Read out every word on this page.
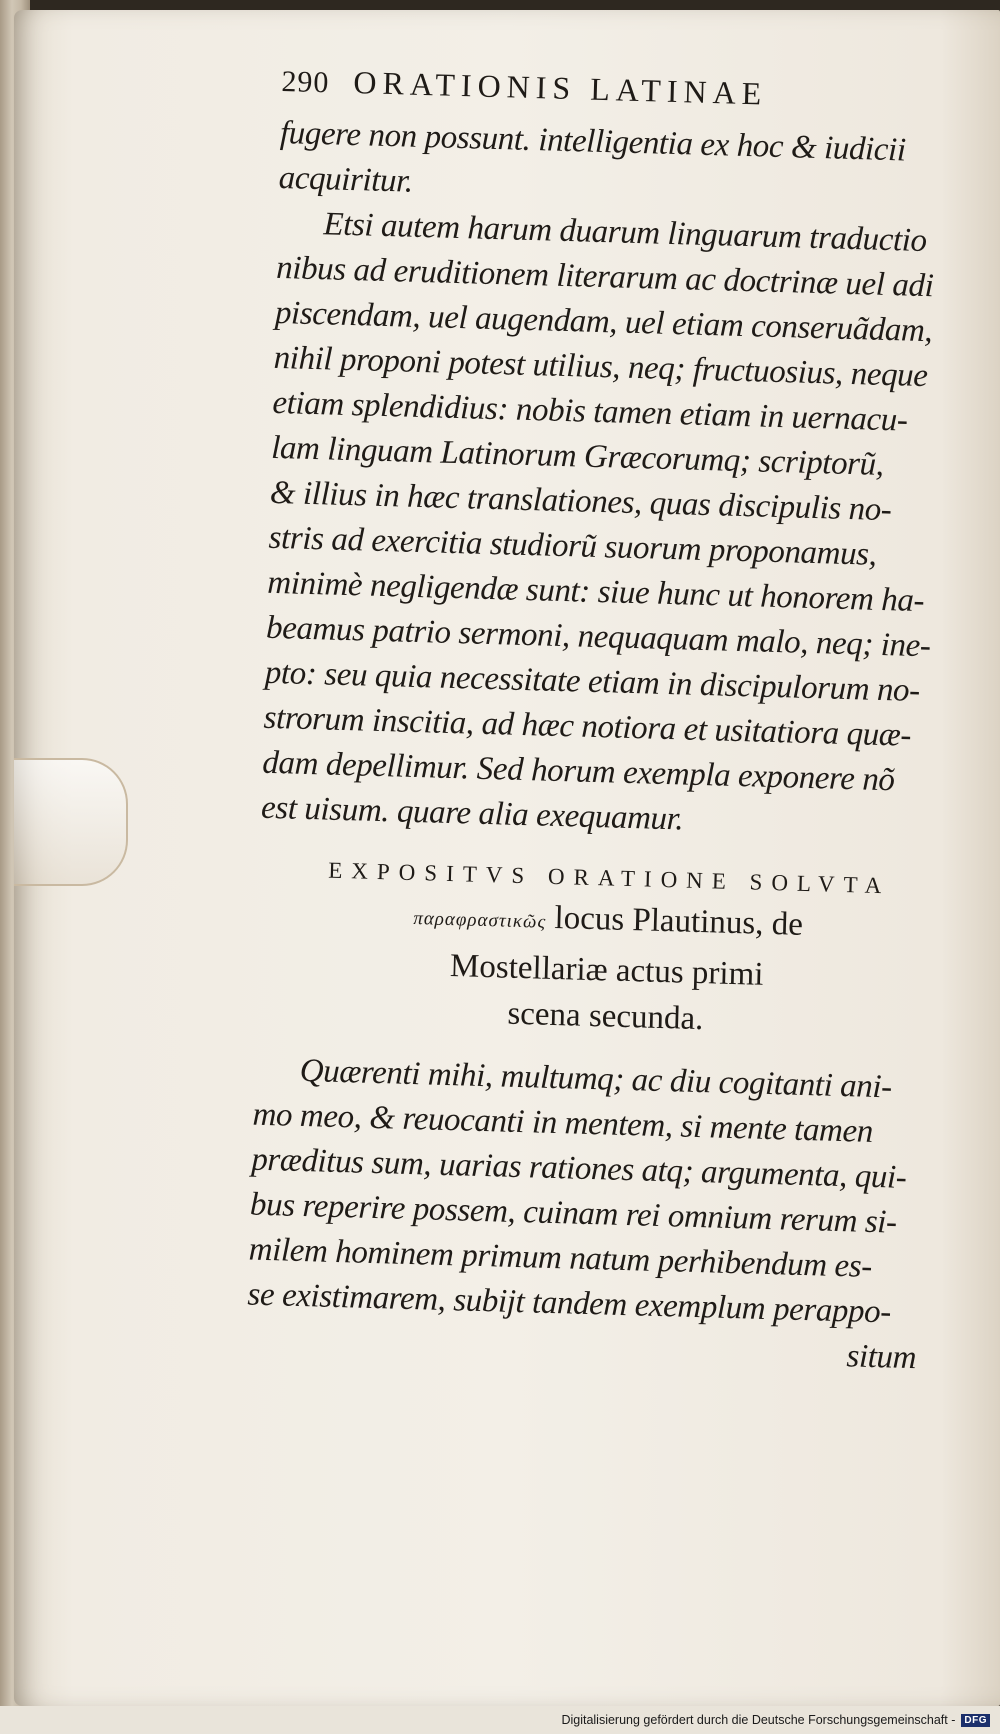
290 ORATIONIS LATINAE
fugere non possunt. intelligentia ex hoc & iudicii
acquiritur.
Etsi autem harum duarum linguarum traductio
nibus ad eruditionem literarum ac doctrinæ uel adi
piscendam, uel augendam, uel etiam conseruãdam,
nihil proponi potest utilius, neq; fructuosius, neque
etiam splendidius: nobis tamen etiam in uernacu-
lam linguam Latinorum Græcorumq; scriptorũ,
& illius in hæc translationes, quas discipulis no-
stris ad exercitia studiorũ suorum proponamus,
minimè negligendæ sunt: siue hunc ut honorem ha-
beamus patrio sermoni, nequaquam malo, neq; ine-
pto: seu quia necessitate etiam in discipulorum no-
strorum inscitia, ad hæc notiora et usitatiora quæ-
dam depellimur. Sed horum exempla exponere nõ
est uisum. quare alia exequamur.
EXPOSITVS ORATIONE SOLVTA
παραφραστικῶς locus Plautinus, de
Mostellariæ actus primi
scena secunda.
Quærenti mihi, multumq; ac diu cogitanti ani-
mo meo, & reuocanti in mentem, si mente tamen
præditus sum, uarias rationes atq; argumenta, qui-
bus reperire possem, cuinam rei omnium rerum si-
milem hominem primum natum perhibendum es-
se existimarem, subijt tandem exemplum perappo-
situm
Digitalisierung gefördert durch die Deutsche Forschungsgemeinschaft - DFG
